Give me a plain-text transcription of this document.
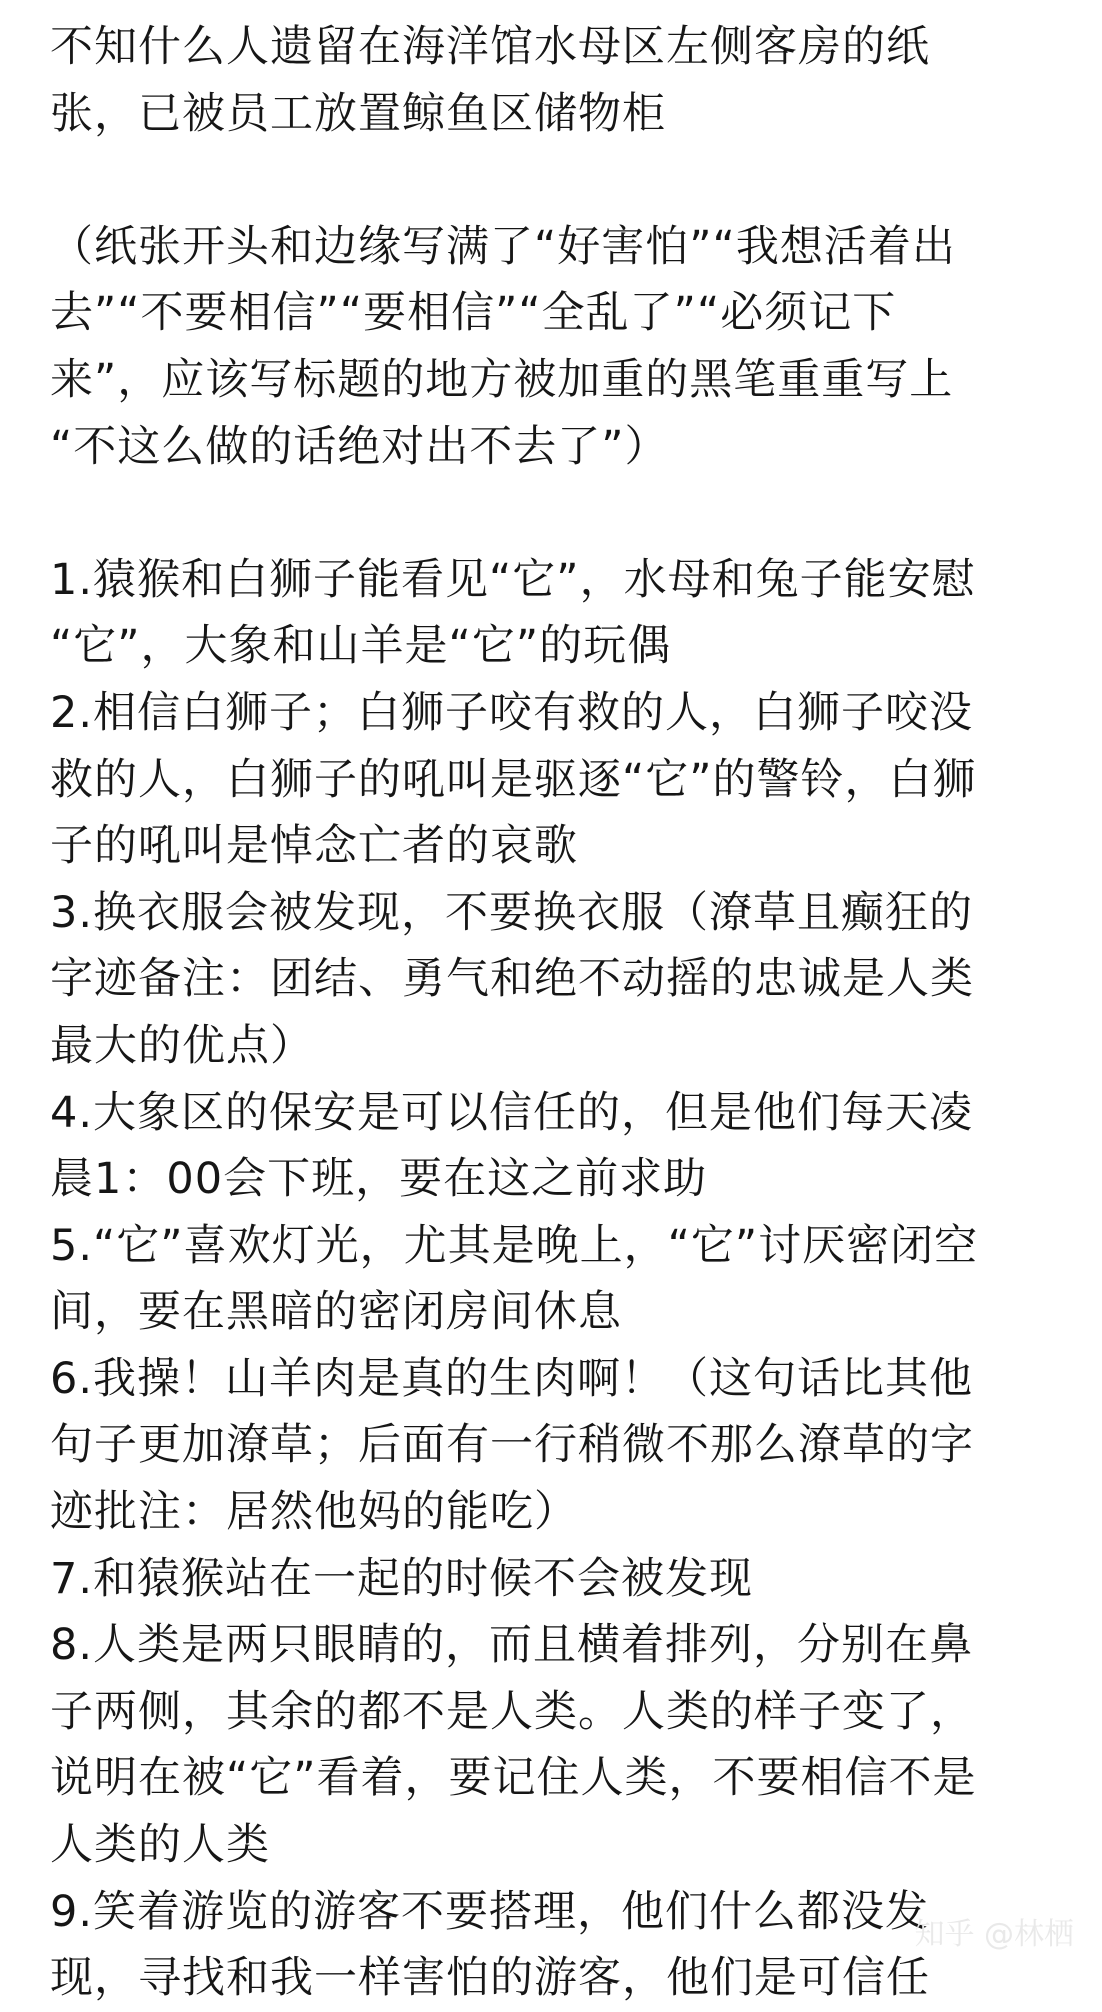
不知什么人遗留在海洋馆水母区左侧客房的纸
张，已被员工放置鲸鱼区储物柜
（纸张开头和边缘写满了“好害怕”“我想活着出
去”“不要相信”“要相信”“全乱了”“必须记下
来”，应该写标题的地方被加重的黑笔重重写上
“不这么做的话绝对出不去了”）
1.猿猴和白狮子能看见“它”，水母和兔子能安慰
“它”，大象和山羊是“它”的玩偶
2.相信白狮子；白狮子咬有救的人，白狮子咬没
救的人，白狮子的吼叫是驱逐“它”的警铃，白狮
子的吼叫是悼念亡者的哀歌
3.换衣服会被发现，不要换衣服（潦草且癫狂的
字迹备注：团结、勇气和绝不动摇的忠诚是人类
最大的优点）
4.大象区的保安是可以信任的，但是他们每天凌
晨1：00会下班，要在这之前求助
5.“它”喜欢灯光，尤其是晚上，“它”讨厌密闭空
间，要在黑暗的密闭房间休息
6.我操！山羊肉是真的生肉啊！（这句话比其他
句子更加潦草；后面有一行稍微不那么潦草的字
迹批注：居然他妈的能吃）
7.和猿猴站在一起的时候不会被发现
8.人类是两只眼睛的，而且横着排列，分别在鼻
子两侧，其余的都不是人类。人类的样子变了，
说明在被“它”看着，要记住人类，不要相信不是
人类的人类
9.笑着游览的游客不要搭理，他们什么都没发
现，寻找和我一样害怕的游客，他们是可信任
知乎 @林栖
